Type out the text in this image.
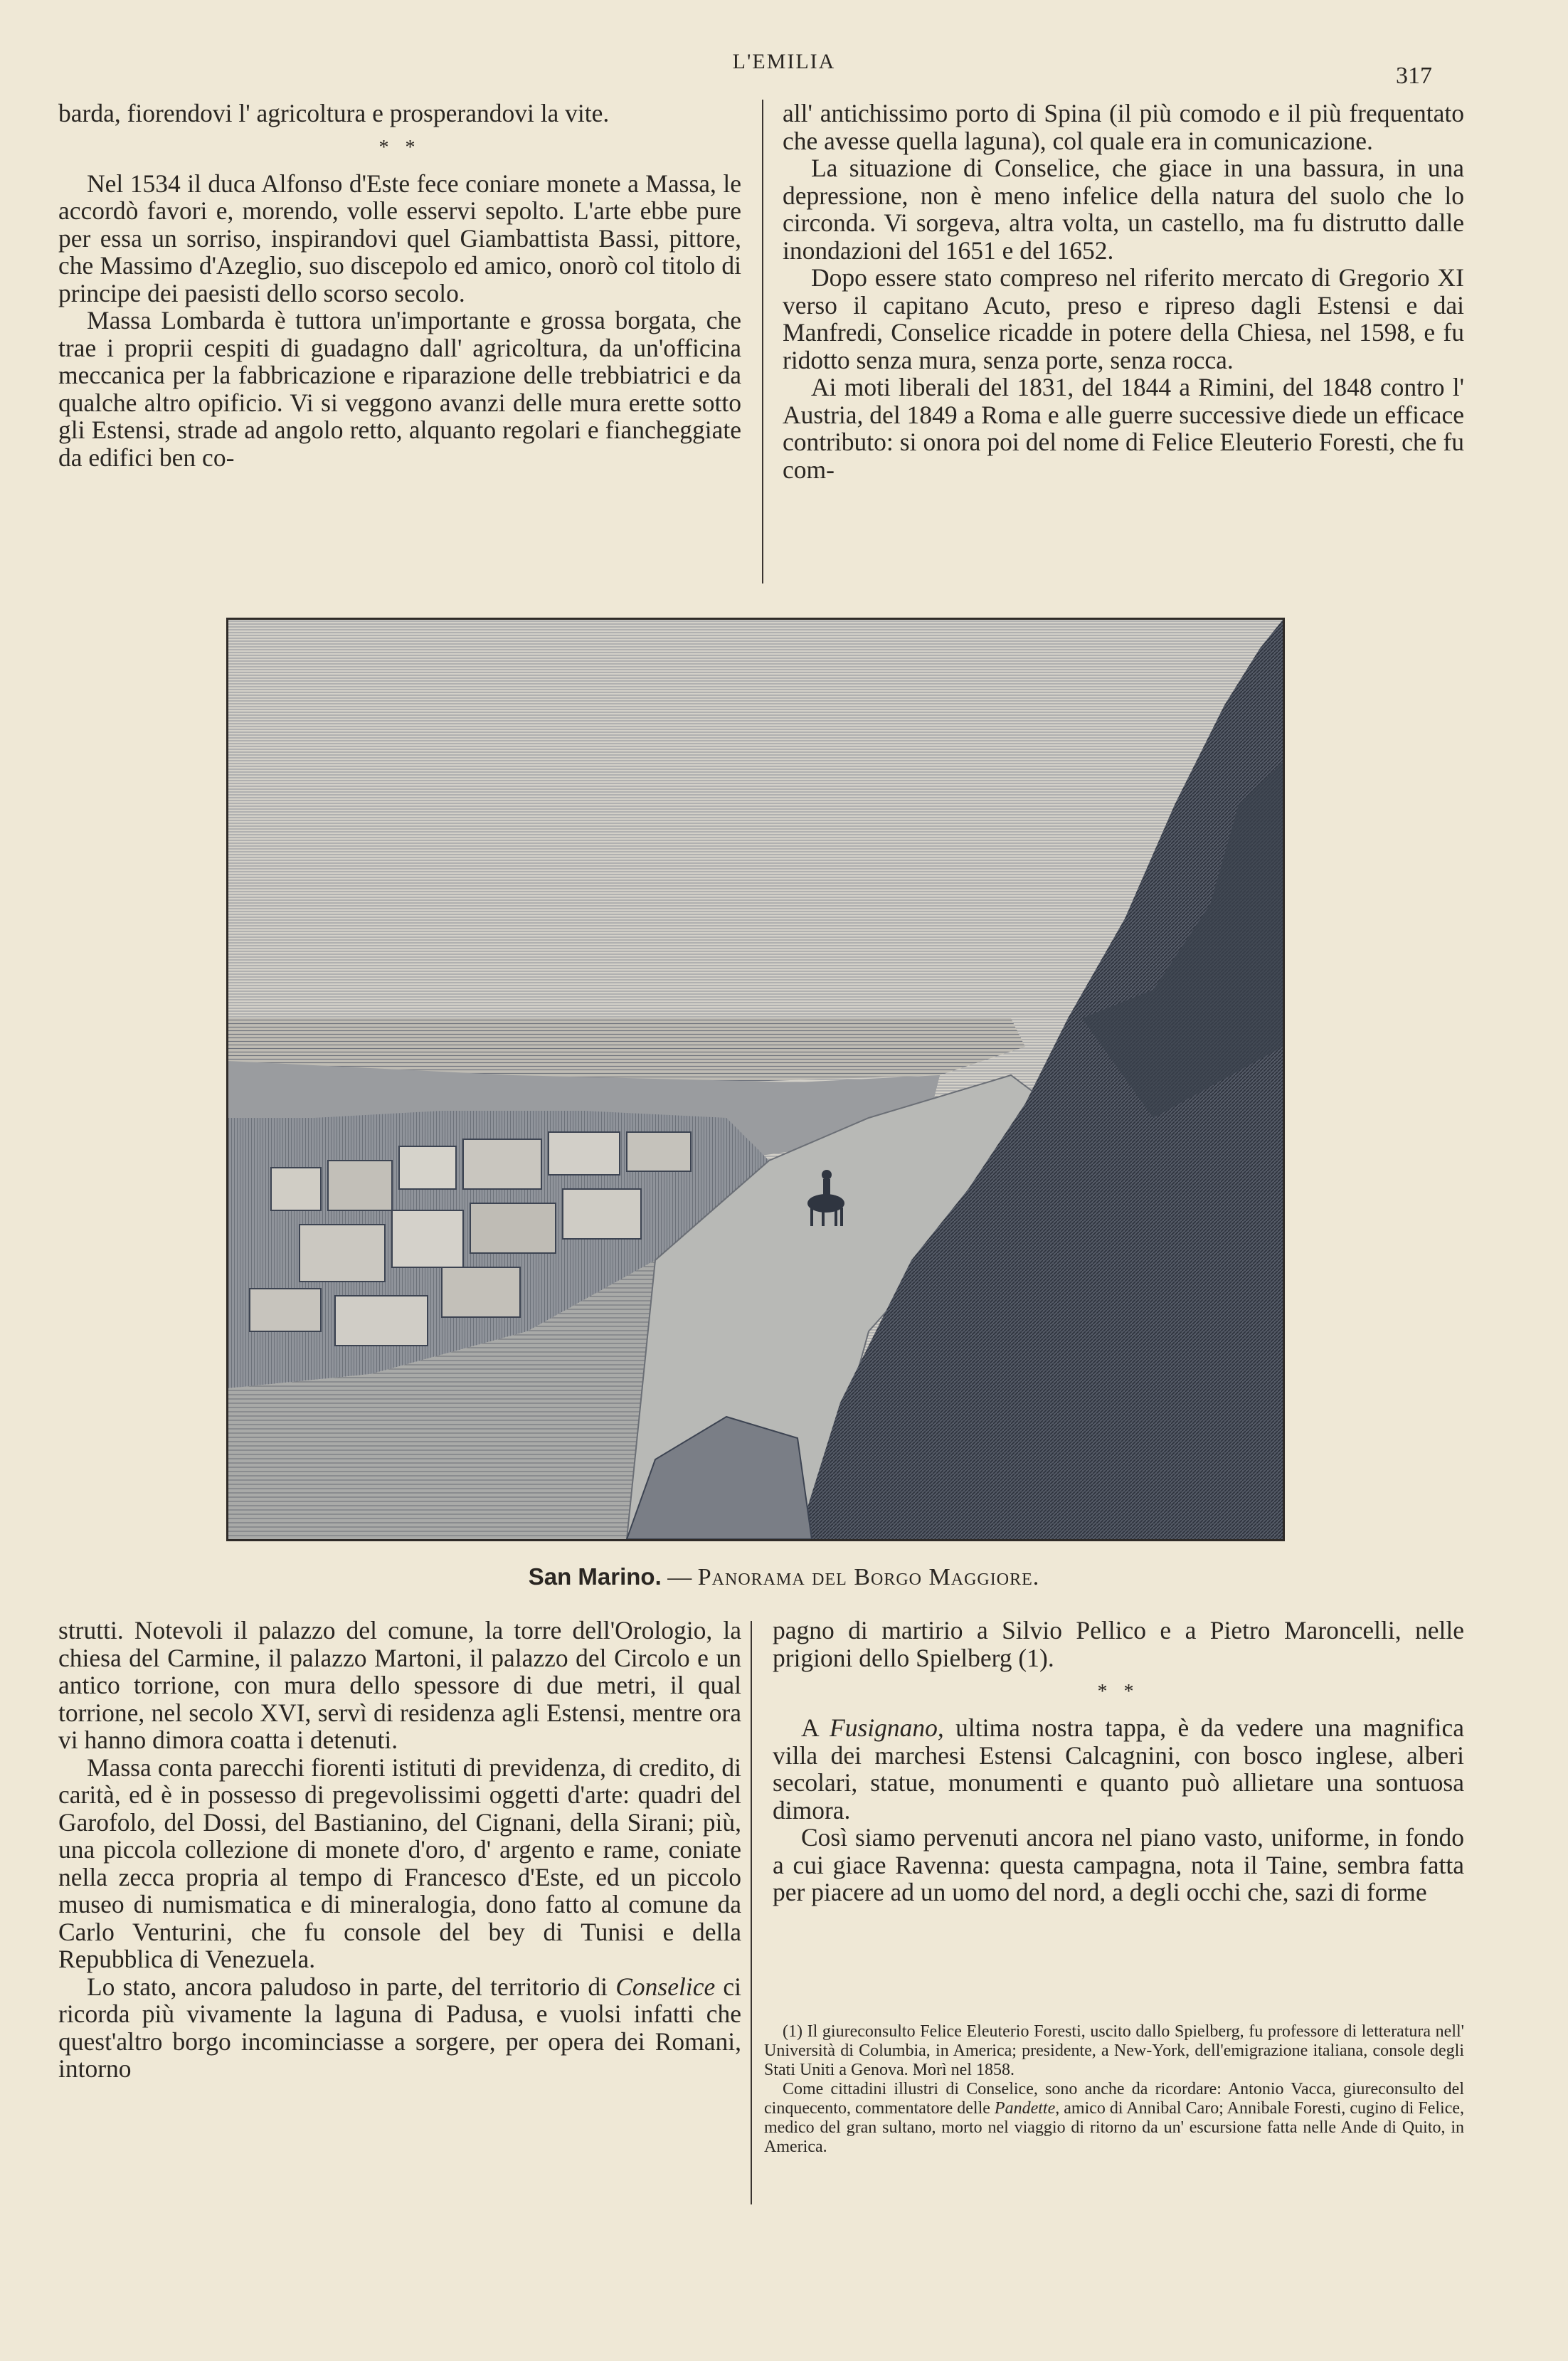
L'EMILIA
317

barda, fiorendovi l' agricoltura e prosperandovi la vite.

* *

Nel 1534 il duca Alfonso d'Este fece coniare monete a Massa, le accordò favori e, morendo, volle esservi sepolto. L'arte ebbe pure per essa un sorriso, inspirandovi quel Giambattista Bassi, pittore, che Massimo d'Azeglio, suo discepolo ed amico, onorò col titolo di principe dei paesisti dello scorso secolo.

Massa Lombarda è tuttora un'importante e grossa borgata, che trae i proprii cespiti di guadagno dall' agricoltura, da un'officina meccanica per la fabbricazione e riparazione delle trebbiatrici e da qualche altro opificio. Vi si veggono avanzi delle mura erette sotto gli Estensi, strade ad angolo retto, alquanto regolari e fiancheggiate da edifici ben co-

all' antichissimo porto di Spina (il più comodo e il più frequentato che avesse quella laguna), col quale era in comunicazione.

La situazione di Conselice, che giace in una bassura, in una depressione, non è meno infelice della natura del suolo che lo circonda. Vi sorgeva, altra volta, un castello, ma fu distrutto dalle inondazioni del 1651 e del 1652.

Dopo essere stato compreso nel riferito mercato di Gregorio XI verso il capitano Acuto, preso e ripreso dagli Estensi e dai Manfredi, Conselice ricadde in potere della Chiesa, nel 1598, e fu ridotto senza mura, senza porte, senza rocca.

Ai moti liberali del 1831, del 1844 a Rimini, del 1848 contro l' Austria, del 1849 a Roma e alle guerre successive diede un efficace contributo: si onora poi del nome di Felice Eleuterio Foresti, che fu com-

San Marino. — Panorama del Borgo Maggiore.

strutti. Notevoli il palazzo del comune, la torre dell'Orologio, la chiesa del Carmine, il palazzo Martoni, il palazzo del Circolo e un antico torrione, con mura dello spessore di due metri, il qual torrione, nel secolo XVI, servì di residenza agli Estensi, mentre ora vi hanno dimora coatta i detenuti.

Massa conta parecchi fiorenti istituti di previdenza, di credito, di carità, ed è in possesso di pregevolissimi oggetti d'arte: quadri del Garofolo, del Dossi, del Bastianino, del Cignani, della Sirani; più, una piccola collezione di monete d'oro, d' argento e rame, coniate nella zecca propria al tempo di Francesco d'Este, ed un piccolo museo di numismatica e di mineralogia, dono fatto al comune da Carlo Venturini, che fu console del bey di Tunisi e della Repubblica di Venezuela.

Lo stato, ancora paludoso in parte, del territorio di Conselice ci ricorda più vivamente la laguna di Padusa, e vuolsi infatti che quest'altro borgo incominciasse a sorgere, per opera dei Romani, intorno

pagno di martirio a Silvio Pellico e a Pietro Maroncelli, nelle prigioni dello Spielberg (1).

* *

A Fusignano, ultima nostra tappa, è da vedere una magnifica villa dei marchesi Estensi Calcagnini, con bosco inglese, alberi secolari, statue, monumenti e quanto può allietare una sontuosa dimora.

Così siamo pervenuti ancora nel piano vasto, uniforme, in fondo a cui giace Ravenna: questa campagna, nota il Taine, sembra fatta per piacere ad un uomo del nord, a degli occhi che, sazi di forme

(1) Il giureconsulto Felice Eleuterio Foresti, uscito dallo Spielberg, fu professore di letteratura nell' Università di Columbia, in America; presidente, a New-York, dell'emigrazione italiana, console degli Stati Uniti a Genova. Morì nel 1858.

Come cittadini illustri di Conselice, sono anche da ricordare: Antonio Vacca, giureconsulto del cinquecento, commentatore delle Pandette, amico di Annibal Caro; Annibale Foresti, cugino di Felice, medico del gran sultano, morto nel viaggio di ritorno da un' escursione fatta nelle Ande di Quito, in America.
